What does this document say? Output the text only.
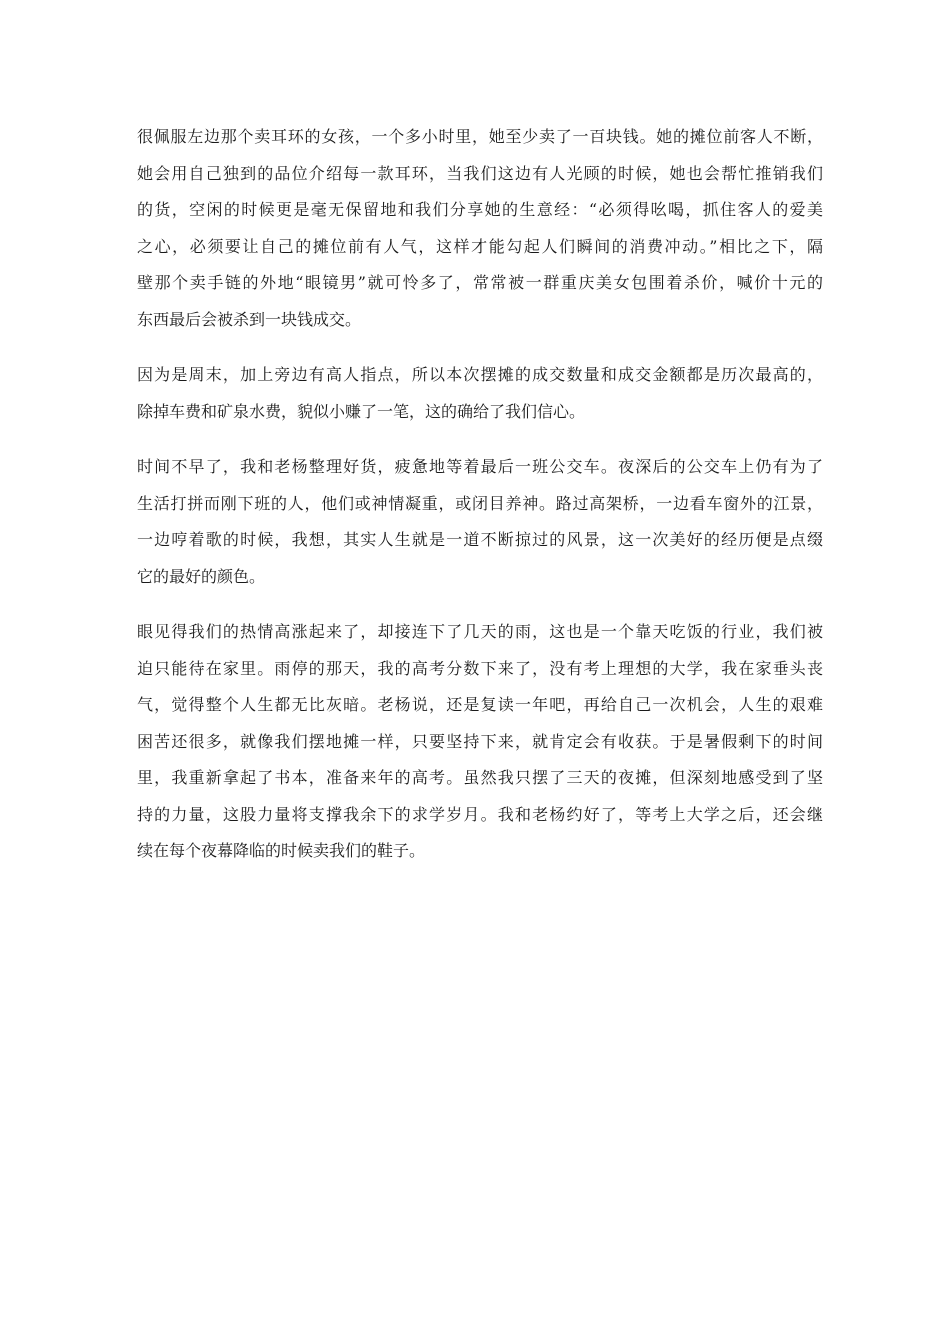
很佩服左边那个卖耳环的女孩，一个多小时里，她至少卖了一百块钱。她的摊位前客人不断，
她会用自己独到的品位介绍每一款耳环，当我们这边有人光顾的时候，她也会帮忙推销我们
的货，空闲的时候更是毫无保留地和我们分享她的生意经：“必须得吆喝，抓住客人的爱美
之心，必须要让自己的摊位前有人气，这样才能勾起人们瞬间的消费冲动。”相比之下，隔
壁那个卖手链的外地“眼镜男”就可怜多了，常常被一群重庆美女包围着杀价，喊价十元的
东西最后会被杀到一块钱成交。

因为是周末，加上旁边有高人指点，所以本次摆摊的成交数量和成交金额都是历次最高的，
除掉车费和矿泉水费，貌似小赚了一笔，这的确给了我们信心。

时间不早了，我和老杨整理好货，疲惫地等着最后一班公交车。夜深后的公交车上仍有为了
生活打拼而刚下班的人，他们或神情凝重，或闭目养神。路过高架桥，一边看车窗外的江景，
一边哼着歌的时候，我想，其实人生就是一道不断掠过的风景，这一次美好的经历便是点缀
它的最好的颜色。

眼见得我们的热情高涨起来了，却接连下了几天的雨，这也是一个靠天吃饭的行业，我们被
迫只能待在家里。雨停的那天，我的高考分数下来了，没有考上理想的大学，我在家垂头丧
气，觉得整个人生都无比灰暗。老杨说，还是复读一年吧，再给自己一次机会，人生的艰难
困苦还很多，就像我们摆地摊一样，只要坚持下来，就肯定会有收获。于是暑假剩下的时间
里，我重新拿起了书本，准备来年的高考。虽然我只摆了三天的夜摊，但深刻地感受到了坚
持的力量，这股力量将支撑我余下的求学岁月。我和老杨约好了，等考上大学之后，还会继
续在每个夜幕降临的时候卖我们的鞋子。
